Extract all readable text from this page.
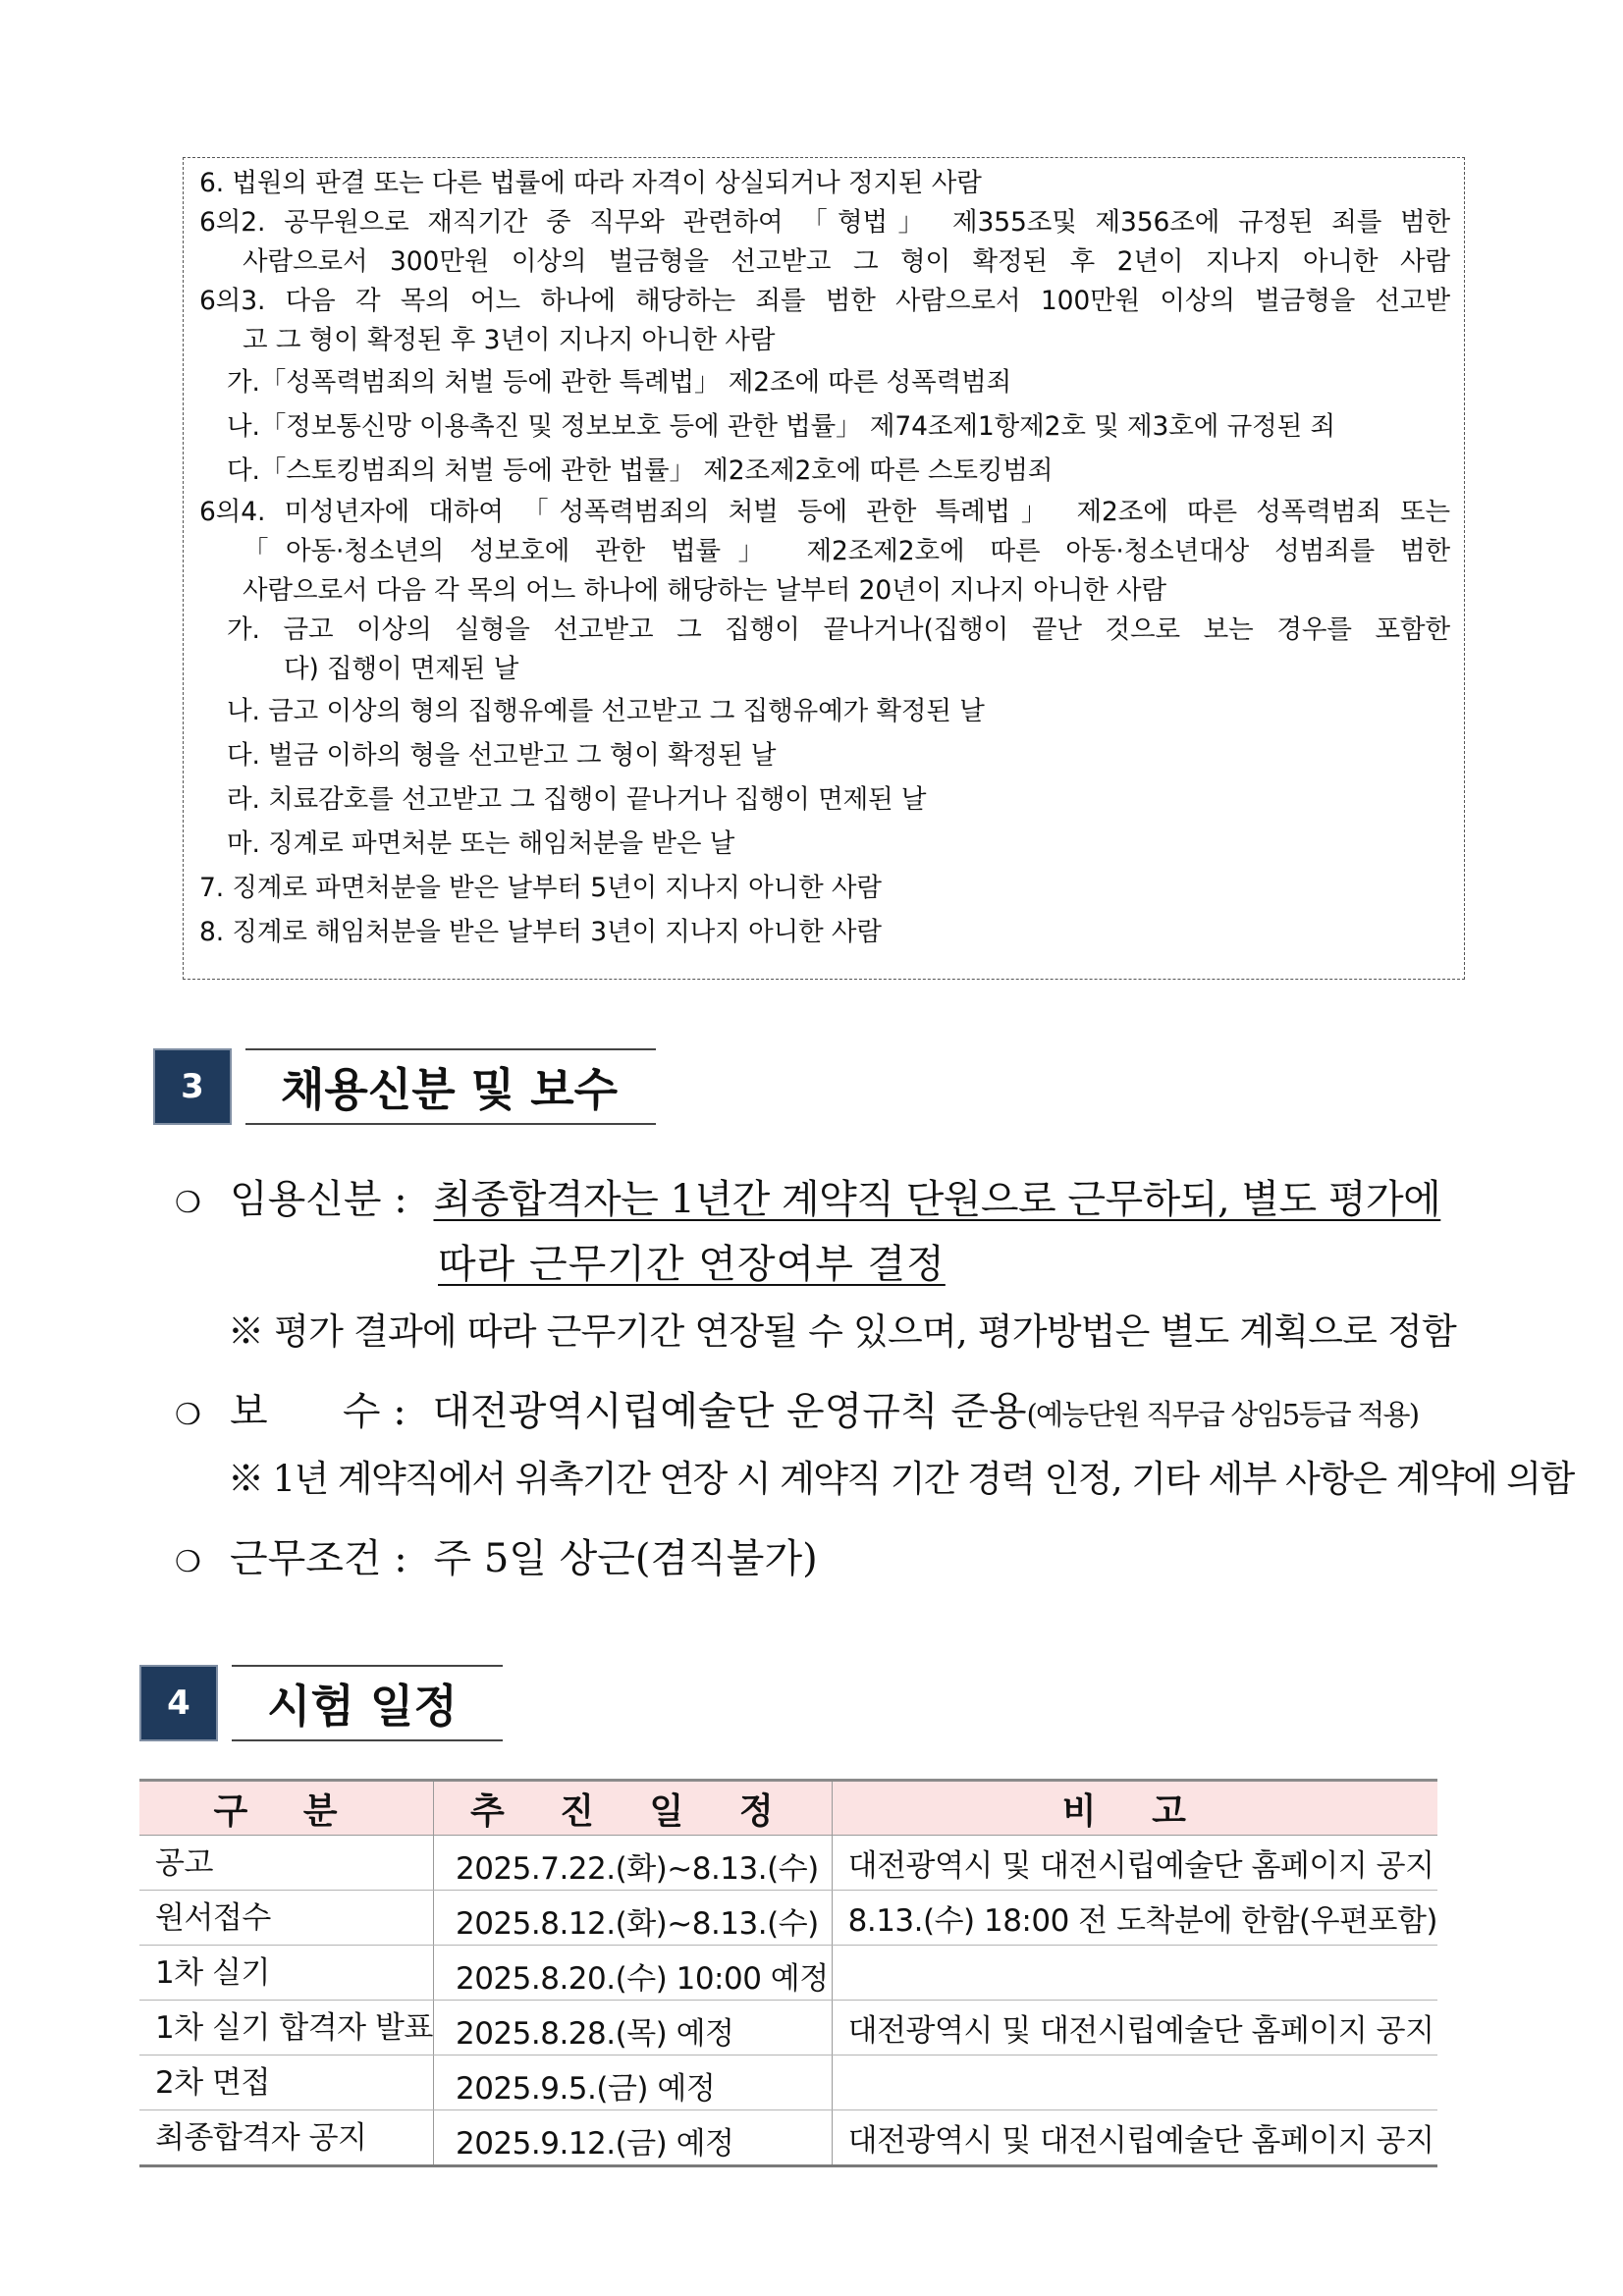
6. 법원의 판결 또는 다른 법률에 따라 자격이 상실되거나 정지된 사람
6의2. 공무원으로 재직기간 중 직무와 관련하여 「형법」 제355조및 제356조에 규정된 죄를 범한
사람으로서 300만원 이상의 벌금형을 선고받고 그 형이 확정된 후 2년이 지나지 아니한 사람
6의3. 다음 각 목의 어느 하나에 해당하는 죄를 범한 사람으로서 100만원 이상의 벌금형을 선고받
고 그 형이 확정된 후 3년이 지나지 아니한 사람
가.「성폭력범죄의 처벌 등에 관한 특례법」 제2조에 따른 성폭력범죄
나.「정보통신망 이용촉진 및 정보보호 등에 관한 법률」 제74조제1항제2호 및 제3호에 규정된 죄
다.「스토킹범죄의 처벌 등에 관한 법률」 제2조제2호에 따른 스토킹범죄
6의4. 미성년자에 대하여 「성폭력범죄의 처벌 등에 관한 특례법」 제2조에 따른 성폭력범죄 또는
「아동·청소년의 성보호에 관한 법률」 제2조제2호에 따른 아동·청소년대상 성범죄를 범한
사람으로서 다음 각 목의 어느 하나에 해당하는 날부터 20년이 지나지 아니한 사람
가. 금고 이상의 실형을 선고받고 그 집행이 끝나거나(집행이 끝난 것으로 보는 경우를 포함한
다) 집행이 면제된 날
나. 금고 이상의 형의 집행유예를 선고받고 그 집행유예가 확정된 날
다. 벌금 이하의 형을 선고받고 그 형이 확정된 날
라. 치료감호를 선고받고 그 집행이 끝나거나 집행이 면제된 날
마. 징계로 파면처분 또는 해임처분을 받은 날
7. 징계로 파면처분을 받은 날부터 5년이 지나지 아니한 사람
8. 징계로 해임처분을 받은 날부터 3년이 지나지 아니한 사람
3	채용신분 및 보수
❍ 임용신분 : 최종합격자는 1년간 계약직 단원으로 근무하되, 별도 평가에
따라 근무기간 연장여부 결정
※ 평가 결과에 따라 근무기간 연장될 수 있으며, 평가방법은 별도 계획으로 정함
❍ 보      수 : 대전광역시립예술단 운영규칙 준용(예능단원 직무급 상임5등급 적용)
※ 1년 계약직에서 위촉기간 연장 시 계약직 기간 경력 인정, 기타 세부 사항은 계약에 의함
❍ 근무조건 : 주 5일 상근(겸직불가)
4	시험 일정
구 분	추 진 일 정	비 고
공고	2025.7.22.(화)~8.13.(수)	대전광역시 및 대전시립예술단 홈페이지 공지
원서접수	2025.8.12.(화)~8.13.(수)	8.13.(수) 18:00 전 도착분에 한함(우편포함)
1차 실기	2025.8.20.(수) 10:00 예정	
1차 실기 합격자 발표	2025.8.28.(목) 예정	대전광역시 및 대전시립예술단 홈페이지 공지
2차 면접	2025.9.5.(금) 예정	
최종합격자 공지	2025.9.12.(금) 예정	대전광역시 및 대전시립예술단 홈페이지 공지
